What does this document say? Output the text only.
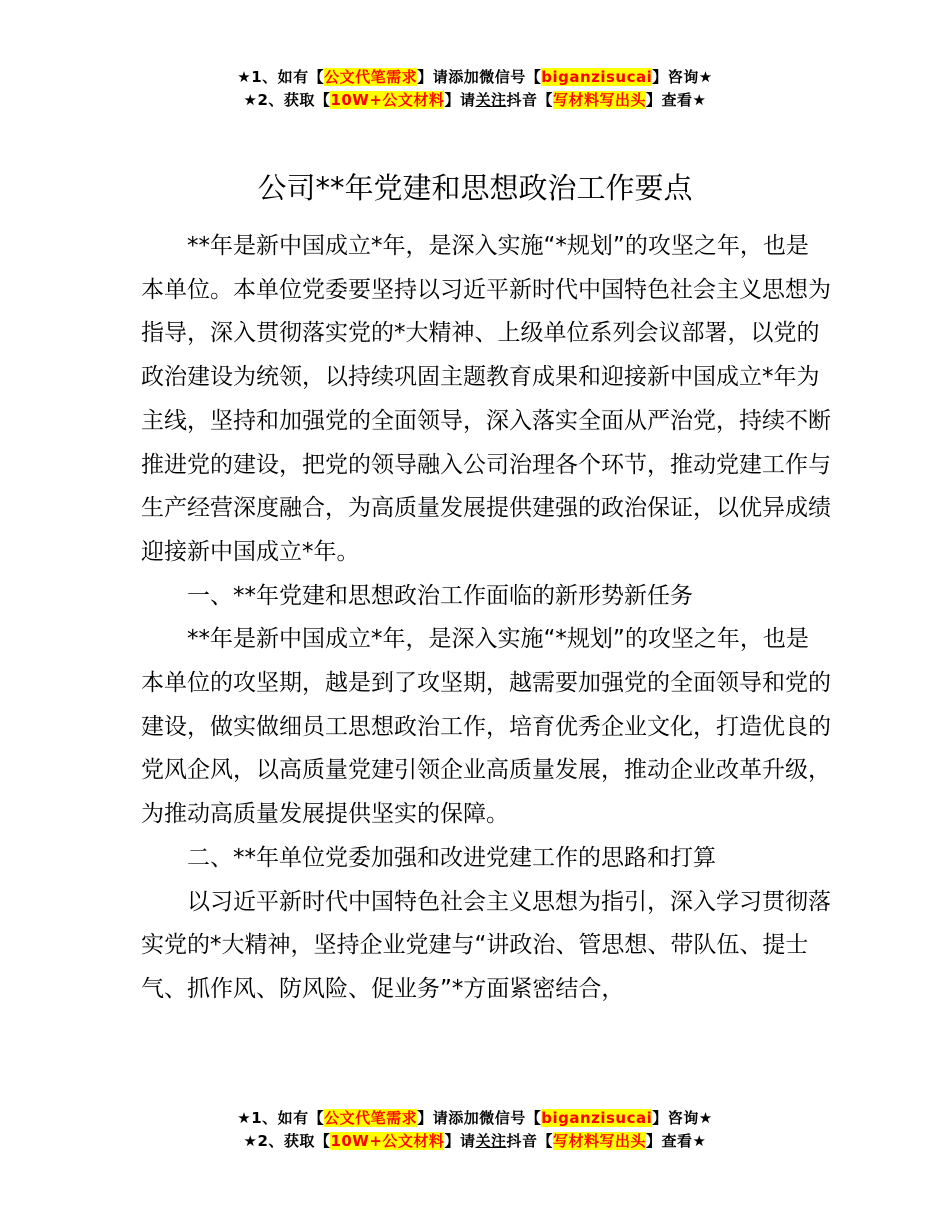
★1、如有【公文代笔需求】请添加微信号【biganzisucai】咨询★
★2、获取【10W+公文材料】请关注抖音【写材料写出头】查看★
公司**年党建和思想政治工作要点

**年是新中国成立*年，是深入实施“*规划”的攻坚之年，也是本单位。本单位党委要坚持以习近平新时代中国特色社会主义思想为指导，深入贯彻落实党的*大精神、上级单位系列会议部署，以党的政治建设为统领，以持续巩固主题教育成果和迎接新中国成立*年为主线，坚持和加强党的全面领导，深入落实全面从严治党，持续不断推进党的建设，把党的领导融入公司治理各个环节，推动党建工作与生产经营深度融合，为高质量发展提供建强的政治保证，以优异成绩迎接新中国成立*年。

一、**年党建和思想政治工作面临的新形势新任务

**年是新中国成立*年，是深入实施“*规划”的攻坚之年，也是本单位的攻坚期，越是到了攻坚期，越需要加强党的全面领导和党的建设，做实做细员工思想政治工作，培育优秀企业文化，打造优良的党风企风，以高质量党建引领企业高质量发展，推动企业改革升级，为推动高质量发展提供坚实的保障。

二、**年单位党委加强和改进党建工作的思路和打算

以习近平新时代中国特色社会主义思想为指引，深入学习贯彻落实党的*大精神，坚持企业党建与“讲政治、管思想、带队伍、提士气、抓作风、防风险、促业务”*方面紧密结合，

★1、如有【公文代笔需求】请添加微信号【biganzisucai】咨询★
★2、获取【10W+公文材料】请关注抖音【写材料写出头】查看★
